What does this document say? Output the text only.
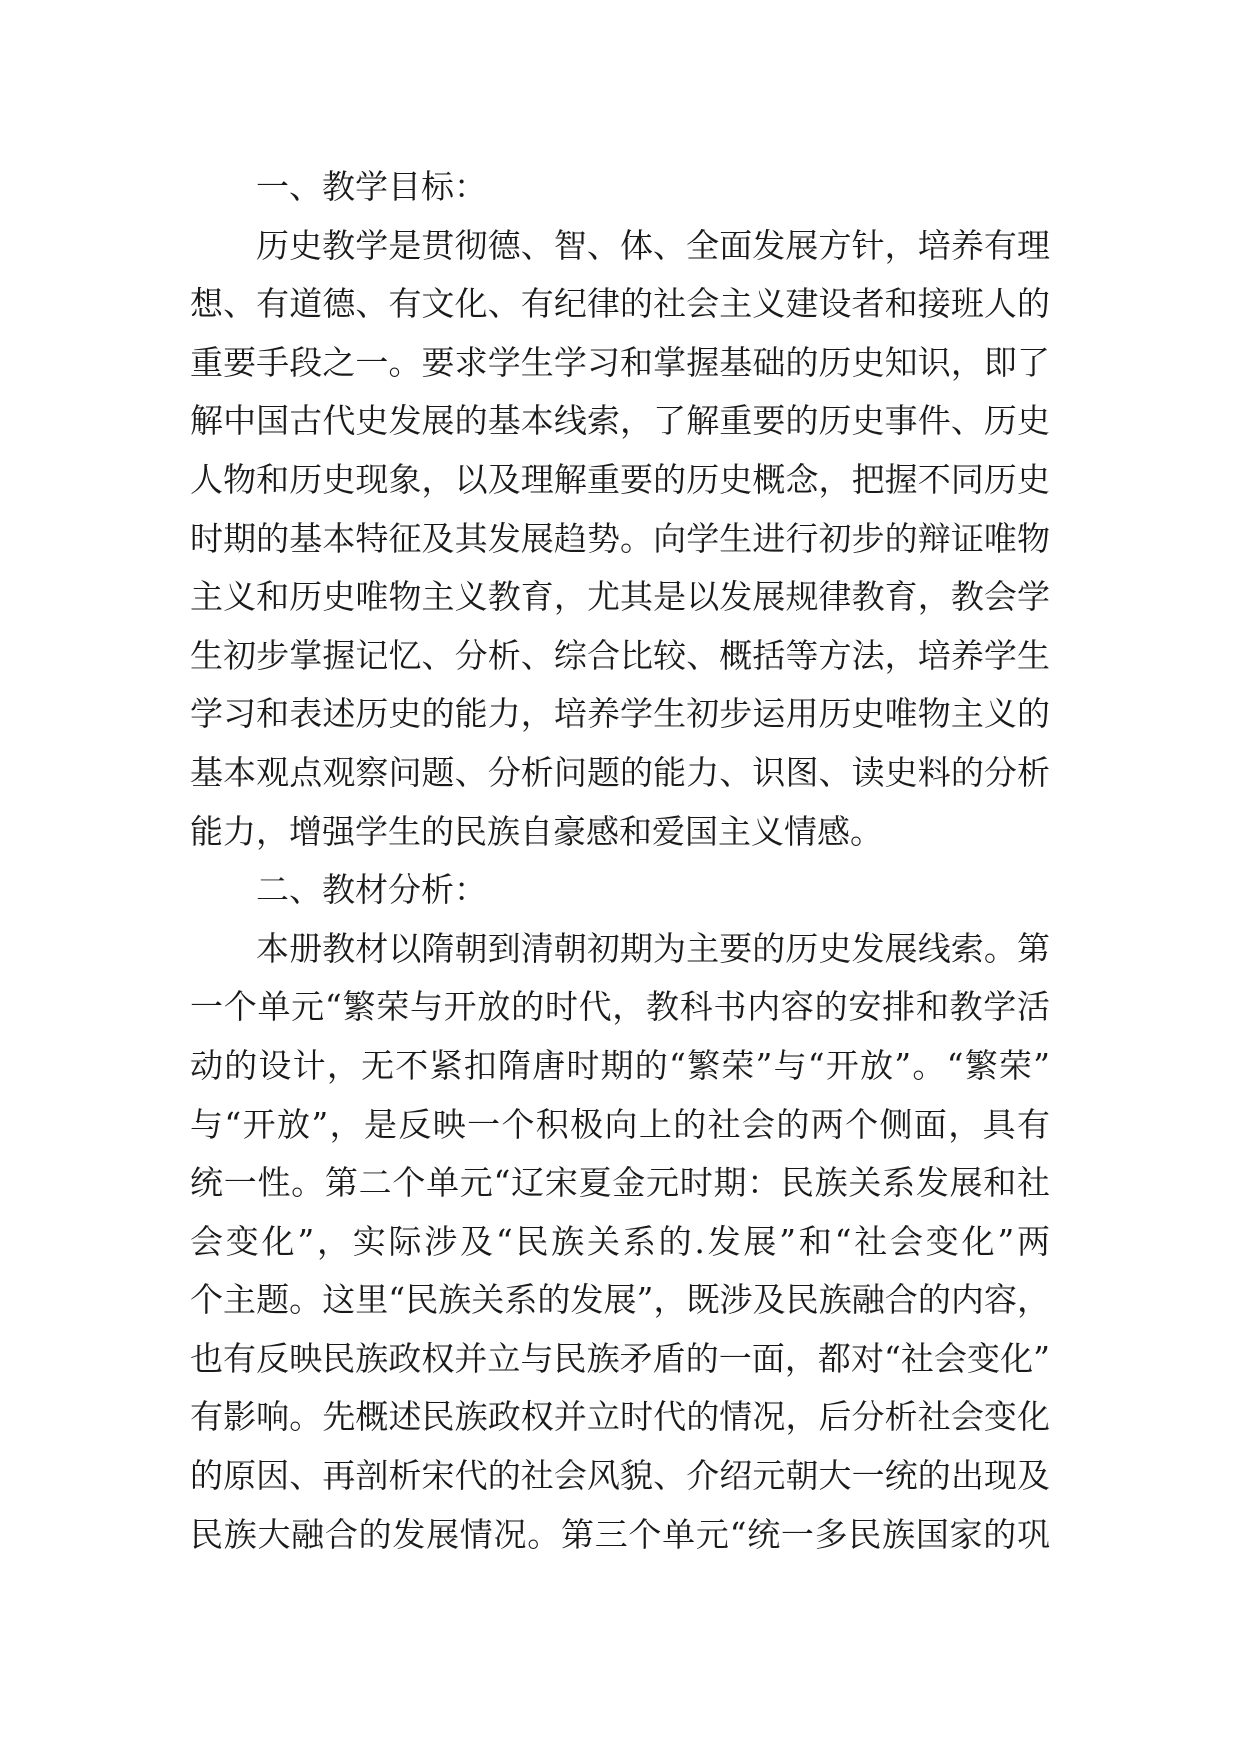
一、教学目标：
历史教学是贯彻德、智、体、全面发展方针，培养有理
想、有道德、有文化、有纪律的社会主义建设者和接班人的
重要手段之一。要求学生学习和掌握基础的历史知识，即了
解中国古代史发展的基本线索，了解重要的历史事件、历史
人物和历史现象，以及理解重要的历史概念，把握不同历史
时期的基本特征及其发展趋势。向学生进行初步的辩证唯物
主义和历史唯物主义教育，尤其是以发展规律教育，教会学
生初步掌握记忆、分析、综合比较、概括等方法，培养学生
学习和表述历史的能力，培养学生初步运用历史唯物主义的
基本观点观察问题、分析问题的能力、识图、读史料的分析
能力，增强学生的民族自豪感和爱国主义情感。
二、教材分析：
本册教材以隋朝到清朝初期为主要的历史发展线索。第
一个单元“繁荣与开放的时代，教科书内容的安排和教学活
动的设计，无不紧扣隋唐时期的“繁荣”与“开放”。“繁荣”
与“开放”，是反映一个积极向上的社会的两个侧面，具有
统一性。第二个单元“辽宋夏金元时期：民族关系发展和社
会变化”，实际涉及“民族关系的.发展”和“社会变化”两
个主题。这里“民族关系的发展”，既涉及民族融合的内容，
也有反映民族政权并立与民族矛盾的一面，都对“社会变化”
有影响。先概述民族政权并立时代的情况，后分析社会变化
的原因、再剖析宋代的社会风貌、介绍元朝大一统的出现及
民族大融合的发展情况。第三个单元“统一多民族国家的巩
